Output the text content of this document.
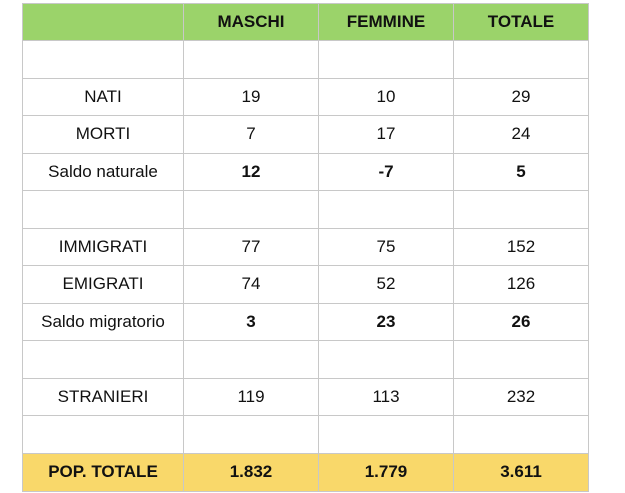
	MASCHI	FEMMINE	TOTALE

NATI	19	10	29
MORTI	7	17	24
Saldo naturale	12	-7	5

IMMIGRATI	77	75	152
EMIGRATI	74	52	126
Saldo migratorio	3	23	26

STRANIERI	119	113	232

POP. TOTALE	1.832	1.779	3.611
